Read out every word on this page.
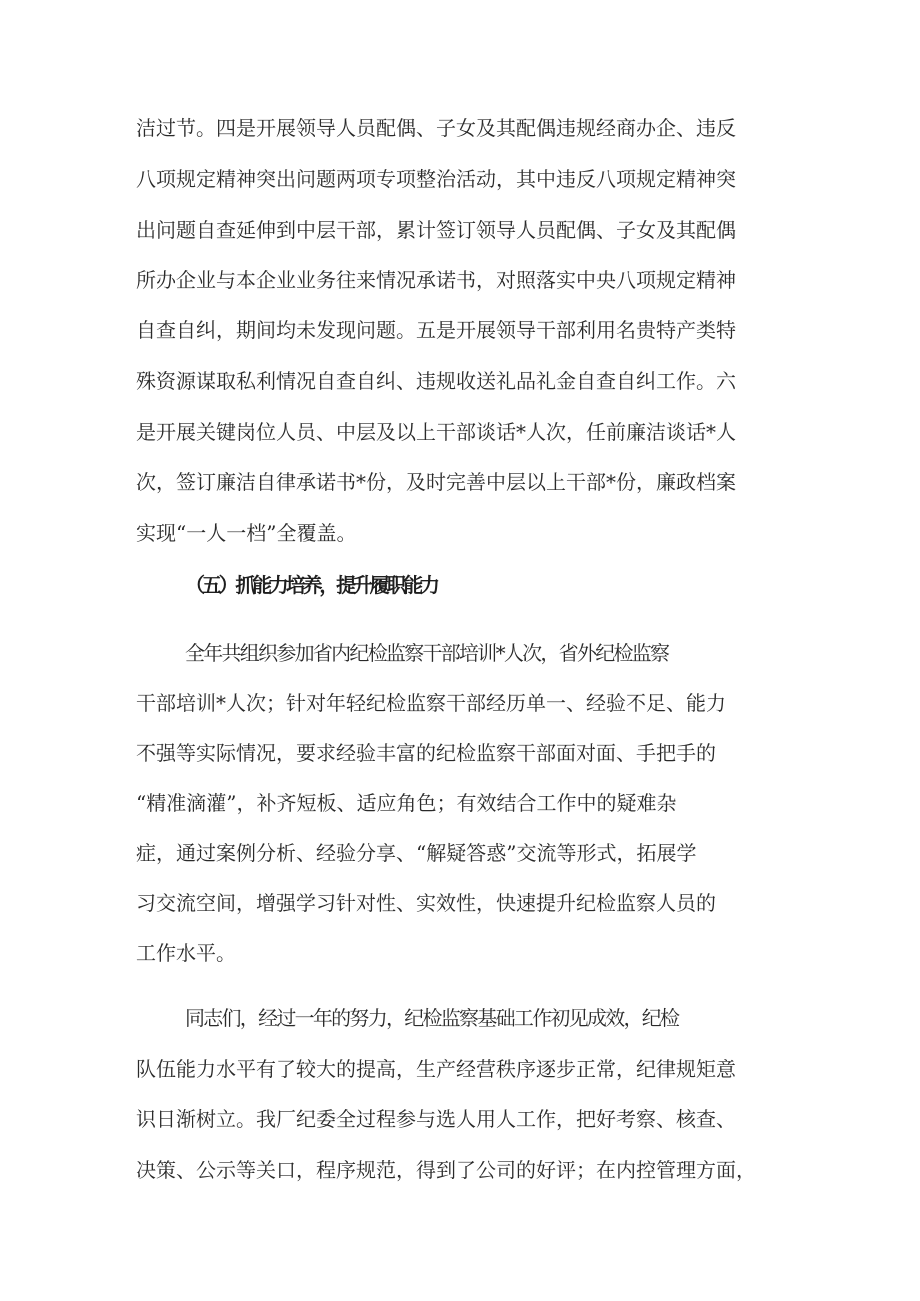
洁过节。四是开展领导人员配偶、子女及其配偶违规经商办企、违反
八项规定精神突出问题两项专项整治活动，其中违反八项规定精神突
出问题自查延伸到中层干部，累计签订领导人员配偶、子女及其配偶
所办企业与本企业业务往来情况承诺书，对照落实中央八项规定精神
自查自纠，期间均未发现问题。五是开展领导干部利用名贵特产类特
殊资源谋取私利情况自查自纠、违规收送礼品礼金自查自纠工作。六
是开展关键岗位人员、中层及以上干部谈话*人次，任前廉洁谈话*人
次，签订廉洁自律承诺书*份，及时完善中层以上干部*份，廉政档案
实现“一人一档”全覆盖。
（五）抓能力培养，提升履职能力
全年共组织参加省内纪检监察干部培训*人次，省外纪检监察
干部培训*人次；针对年轻纪检监察干部经历单一、经验不足、能力
不强等实际情况，要求经验丰富的纪检监察干部面对面、手把手的
“精准滴灌”，补齐短板、适应角色；有效结合工作中的疑难杂
症，通过案例分析、经验分享、“解疑答惑”交流等形式，拓展学
习交流空间，增强学习针对性、实效性，快速提升纪检监察人员的
工作水平。
同志们，经过一年的努力，纪检监察基础工作初见成效，纪检
队伍能力水平有了较大的提高，生产经营秩序逐步正常，纪律规矩意
识日渐树立。我厂纪委全过程参与选人用人工作，把好考察、核查、
决策、公示等关口，程序规范，得到了公司的好评；在内控管理方面，
